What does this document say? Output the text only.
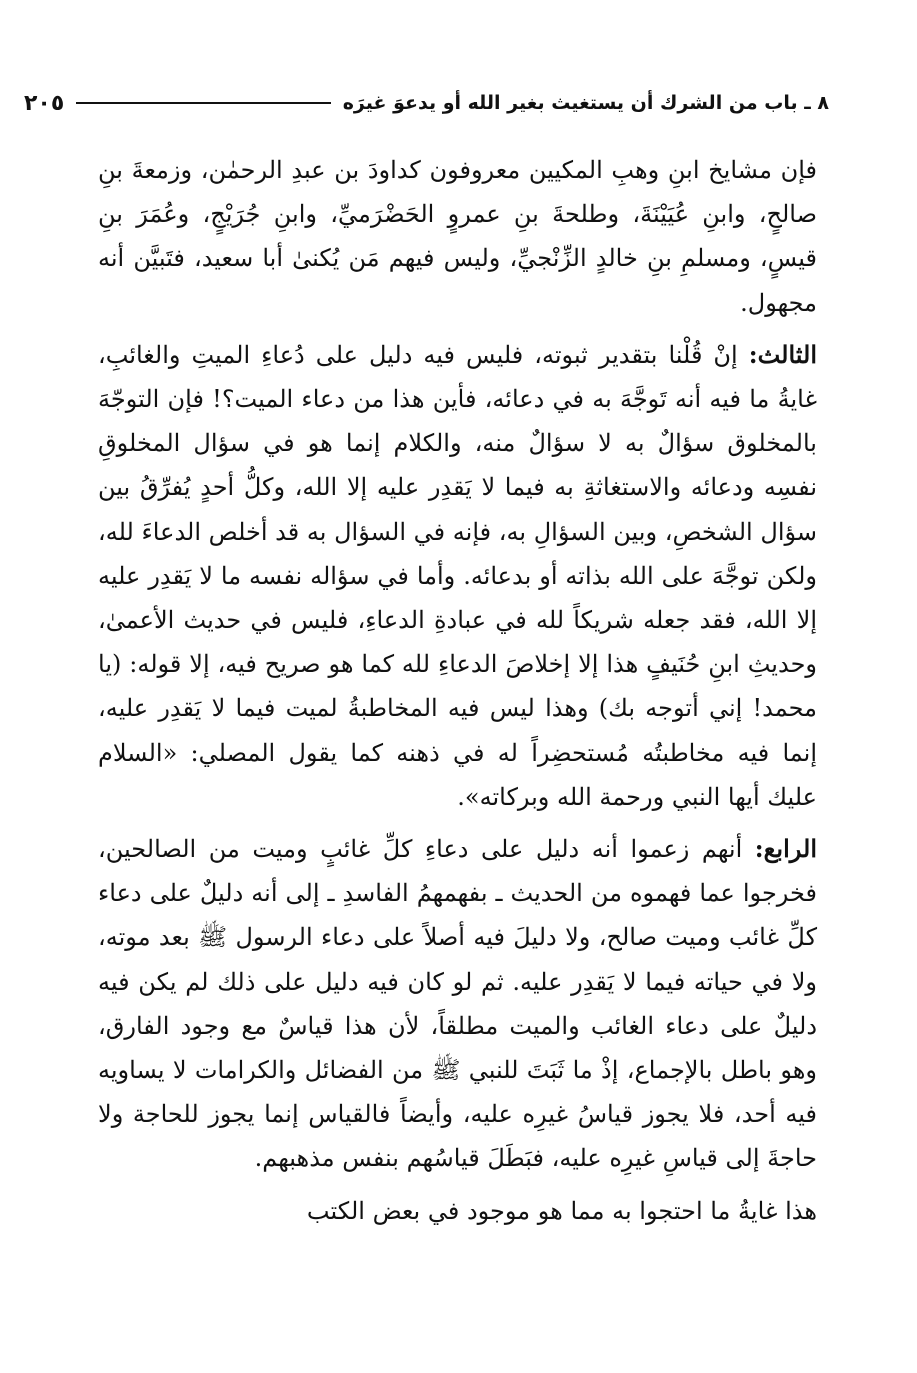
٨ ـ باب من الشرك أن يستغيث بغير الله أو يدعوَ غيرَه
٢٠٥

فإن مشايخ ابنِ وهبِ المكيين معروفون كداودَ بن عبدِ الرحمٰن، وزمعةَ بنِ صالحٍ، وابنِ عُيَيْنَةَ، وطلحةَ بنِ عمروٍ الحَضْرَميِّ، وابنِ جُرَيْجٍ، وعُمَرَ بنِ قيسٍ، ومسلمِ بنِ خالدٍ الزِّنْجيِّ، وليس فيهم مَن يُكنىٰ أبا سعيد، فتَبيَّن أنه مجهول.

الثالث: إنْ قُلْنا بتقدير ثبوته، فليس فيه دليل على دُعاءِ الميتِ والغائبِ، غايةُ ما فيه أنه تَوجَّهَ به في دعائه، فأين هذا من دعاء الميت؟! فإن التوجّهَ بالمخلوق سؤالٌ به لا سؤالٌ منه، والكلام إنما هو في سؤال المخلوقِ نفسِه ودعائه والاستغاثةِ به فيما لا يَقدِر عليه إلا الله، وكلُّ أحدٍ يُفرِّقُ بين سؤال الشخصِ، وبين السؤالِ به، فإنه في السؤال به قد أخلص الدعاءَ لله، ولكن توجَّهَ على الله بذاته أو بدعائه. وأما في سؤاله نفسه ما لا يَقدِر عليه إلا الله، فقد جعله شريكاً لله في عبادةِ الدعاءِ، فليس في حديث الأعمىٰ، وحديثِ ابنِ حُنَيفٍ هذا إلا إخلاصَ الدعاءِ لله كما هو صريح فيه، إلا قوله: (يا محمد! إني أتوجه بك) وهذا ليس فيه المخاطبةُ لميت فيما لا يَقدِر عليه، إنما فيه مخاطبتُه مُستحضِراً له في ذهنه كما يقول المصلي: «السلام عليك أيها النبي ورحمة الله وبركاته».

الرابع: أنهم زعموا أنه دليل على دعاءِ كلِّ غائبٍ وميت من الصالحين، فخرجوا عما فهموه من الحديث ـ بفهمهمُ الفاسدِ ـ إلى أنه دليلٌ على دعاء كلِّ غائب وميت صالح، ولا دليلَ فيه أصلاً على دعاء الرسول ﷺ بعد موته، ولا في حياته فيما لا يَقدِر عليه. ثم لو كان فيه دليل على ذلك لم يكن فيه دليلٌ على دعاء الغائب والميت مطلقاً، لأن هذا قياسٌ مع وجود الفارق، وهو باطل بالإجماع، إذْ ما ثَبَتَ للنبي ﷺ من الفضائل والكرامات لا يساويه فيه أحد، فلا يجوز قياسُ غيرِه عليه، وأيضاً فالقياس إنما يجوز للحاجة ولا حاجةَ إلى قياسِ غيرِه عليه، فبَطَلَ قياسُهم بنفس مذهبهم.

هذا غايةُ ما احتجوا به مما هو موجود في بعض الكتب
